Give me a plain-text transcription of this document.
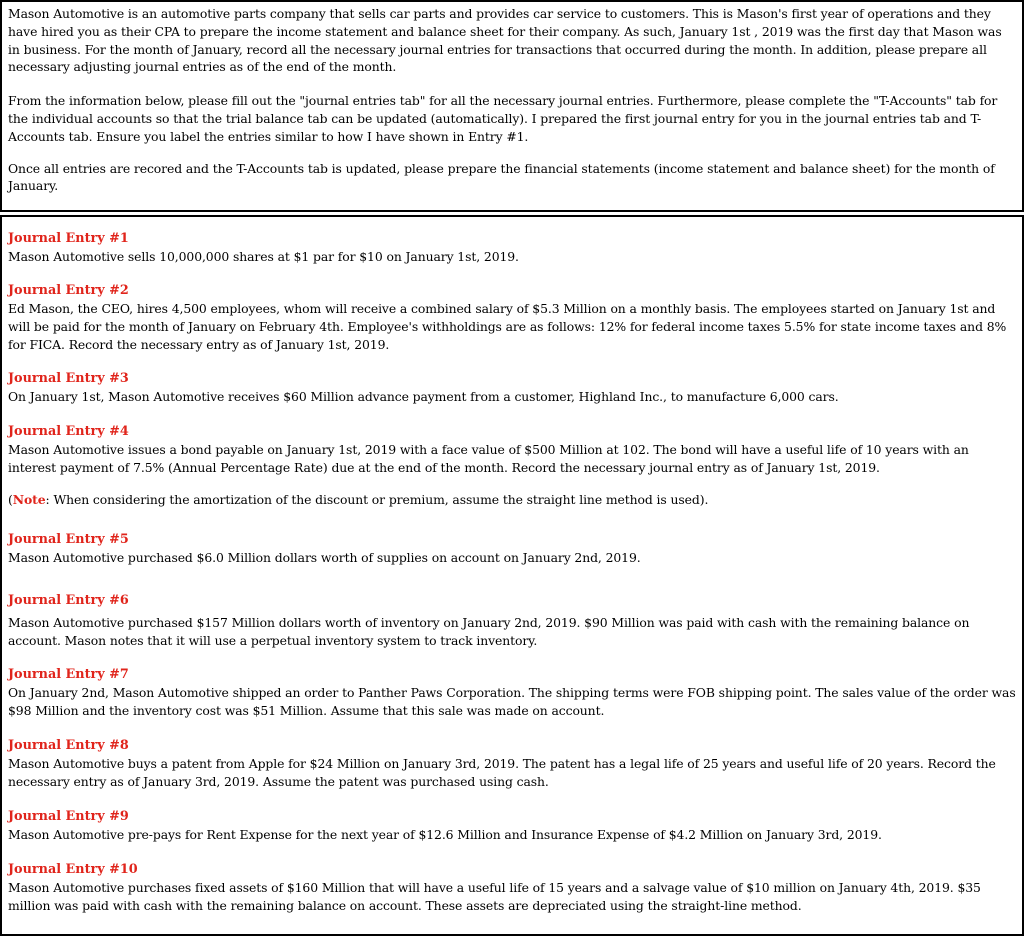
Mason Automotive is an automotive parts company that sells car parts and provides car service to customers. This is Mason's first year of operations and they have hired you as their CPA to prepare the income statement and balance sheet for their company. As such, January 1st , 2019 was the first day that Mason was in business. For the month of January, record all the necessary journal entries for transactions that occurred during the month. In addition, please prepare all necessary adjusting journal entries as of the end of the month.

From the information below, please fill out the "journal entries tab" for all the necessary journal entries. Furthermore, please complete the "T-Accounts" tab for the individual accounts so that the trial balance tab can be updated (automatically). I prepared the first journal entry for you in the journal entries tab and T-Accounts tab. Ensure you label the entries similar to how I have shown in Entry #1.

Once all entries are recored and the T-Accounts tab is updated, please prepare the financial statements (income statement and balance sheet) for the month of January.

Journal Entry #1

Mason Automotive sells 10,000,000 shares at $1 par for $10 on January 1st, 2019.

Journal Entry #2

Ed Mason, the CEO, hires 4,500 employees, whom will receive a combined salary of $5.3 Million on a monthly basis. The employees started on January 1st and will be paid for the month of January on February 4th. Employee's withholdings are as follows: 12% for federal income taxes 5.5% for state income taxes and 8% for FICA. Record the necessary entry as of January 1st, 2019.

Journal Entry #3

On January 1st, Mason Automotive receives $60 Million advance payment from a customer, Highland Inc., to manufacture 6,000 cars.

Journal Entry #4

Mason Automotive issues a bond payable on January 1st, 2019 with a face value of $500 Million at 102. The bond will have a useful life of 10 years with an interest payment of 7.5% (Annual Percentage Rate) due at the end of the month. Record the necessary journal entry as of January 1st, 2019.

(Note: When considering the amortization of the discount or premium, assume the straight line method is used).

Journal Entry #5

Mason Automotive purchased $6.0 Million dollars worth of supplies on account on January 2nd, 2019.

Journal Entry #6

Mason Automotive purchased $157 Million dollars worth of inventory on January 2nd, 2019. $90 Million was paid with cash with the remaining balance on account. Mason notes that it will use a perpetual inventory system to track inventory.

Journal Entry #7

On January 2nd, Mason Automotive shipped an order to Panther Paws Corporation. The shipping terms were FOB shipping point. The sales value of the order was $98 Million and the inventory cost was $51 Million. Assume that this sale was made on account.

Journal Entry #8

Mason Automotive buys a patent from Apple for $24 Million on January 3rd, 2019. The patent has a legal life of 25 years and useful life of 20 years. Record the necessary entry as of January 3rd, 2019. Assume the patent was purchased using cash.

Journal Entry #9

Mason Automotive pre-pays for Rent Expense for the next year of $12.6 Million and Insurance Expense of $4.2 Million on January 3rd, 2019.

Journal Entry #10

Mason Automotive purchases fixed assets of $160 Million that will have a useful life of 15 years and a salvage value of $10 million on January 4th, 2019. $35 million was paid with cash with the remaining balance on account. These assets are depreciated using the straight-line method.
